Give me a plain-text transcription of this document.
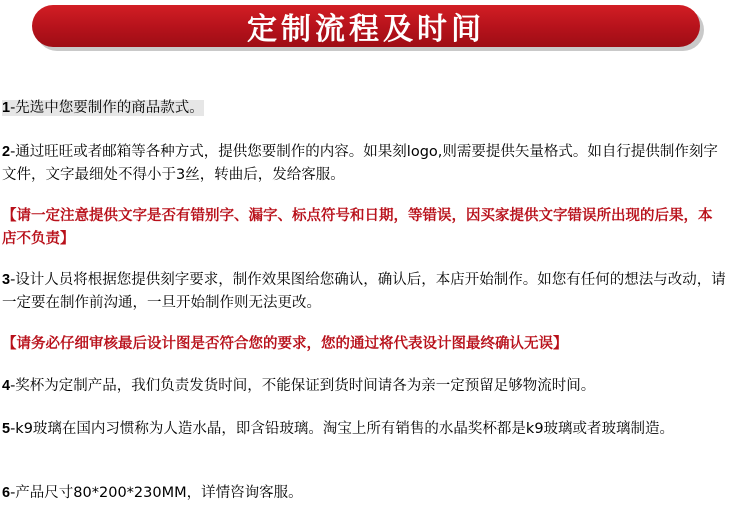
定制流程及时间

1-先选中您要制作的商品款式。

2-通过旺旺或者邮箱等各种方式，提供您要制作的内容。如果刻logo,则需要提供矢量格式。如自行提供制作刻字文件，文字最细处不得小于3丝，转曲后，发给客服。

【请一定注意提供文字是否有错别字、漏字、标点符号和日期，等错误，因买家提供文字错误所出现的后果，本店不负责】

3-设计人员将根据您提供刻字要求，制作效果图给您确认，确认后，本店开始制作。如您有任何的想法与改动，请一定要在制作前沟通，一旦开始制作则无法更改。

【请务必仔细审核最后设计图是否符合您的要求，您的通过将代表设计图最终确认无误】

4-奖杯为定制产品，我们负责发货时间，不能保证到货时间请各为亲一定预留足够物流时间。

5-k9玻璃在国内习惯称为人造水晶，即含铅玻璃。淘宝上所有销售的水晶奖杯都是k9玻璃或者玻璃制造。

6-产品尺寸80*200*230MM，详情咨询客服。
